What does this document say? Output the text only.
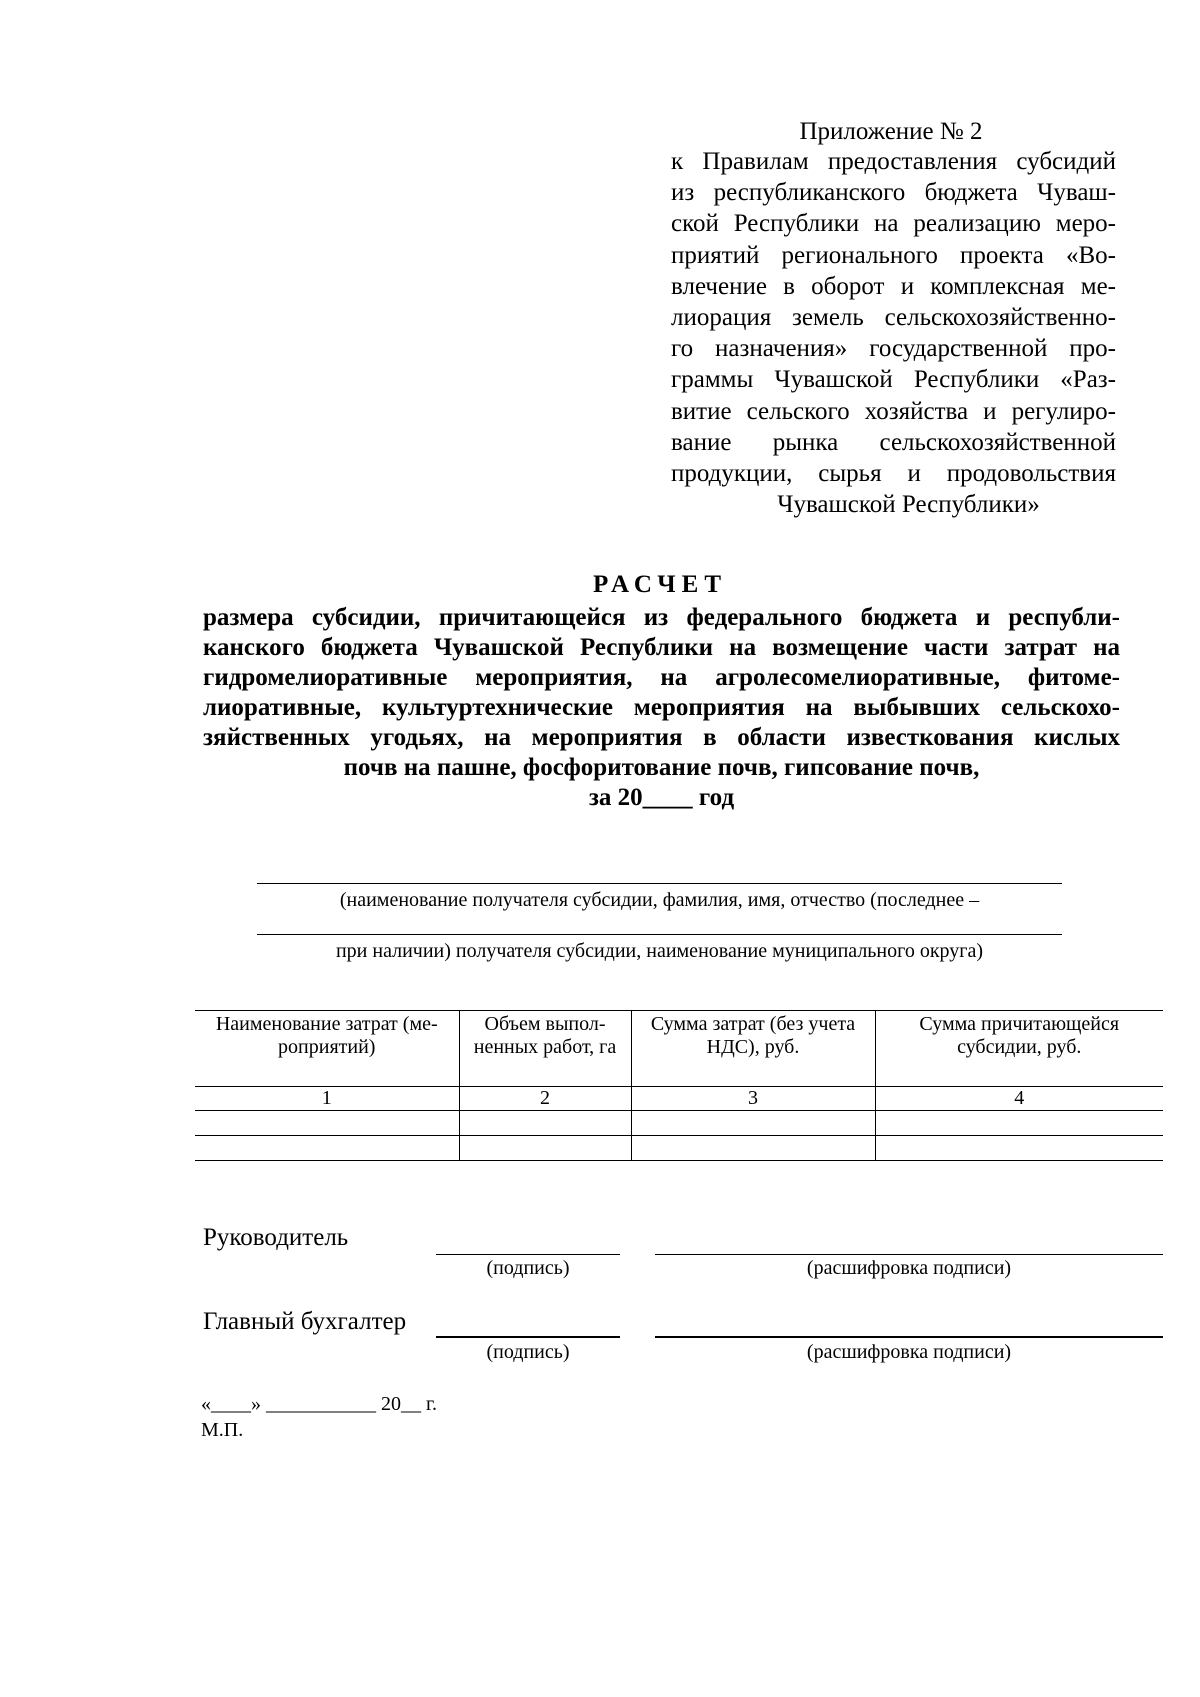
Приложение № 2
к Правилам предоставления субсидий
из республиканского бюджета Чуваш-
ской Республики на реализацию меро-
приятий регионального проекта «Во-
влечение в оборот и комплексная ме-
лиорация земель сельскохозяйственно-
го назначения» государственной про-
граммы Чувашской Республики «Раз-
витие сельского хозяйства и регулиро-
вание рынка сельскохозяйственной
продукции, сырья и продовольствия
Чувашской Республики»
РАСЧЕТ
размера субсидии, причитающейся из федерального бюджета и республи-
канского бюджета Чувашской Республики на возмещение части затрат на
гидромелиоративные мероприятия, на агролесомелиоративные, фитоме-
лиоративные, культуртехнические мероприятия на выбывших сельскохо-
зяйственных угодьях, на мероприятия в области известкования кислых
почв на пашне, фосфоритование почв, гипсование почв,
за 20____ год
(наименование получателя субсидии, фамилия, имя, отчество (последнее –
при наличии) получателя субсидии, наименование муниципального округа)
Наименование затрат (ме-роприятий)	Объем выпол-ненных работ, га	Сумма затрат (без учета НДС), руб.	Сумма причитающейся субсидии, руб.
1	2	3	4

Руководитель
(подпись)	(расшифровка подписи)
Главный бухгалтер
(подпись)	(расшифровка подписи)
«____» ___________ 20__ г.
М.П.
